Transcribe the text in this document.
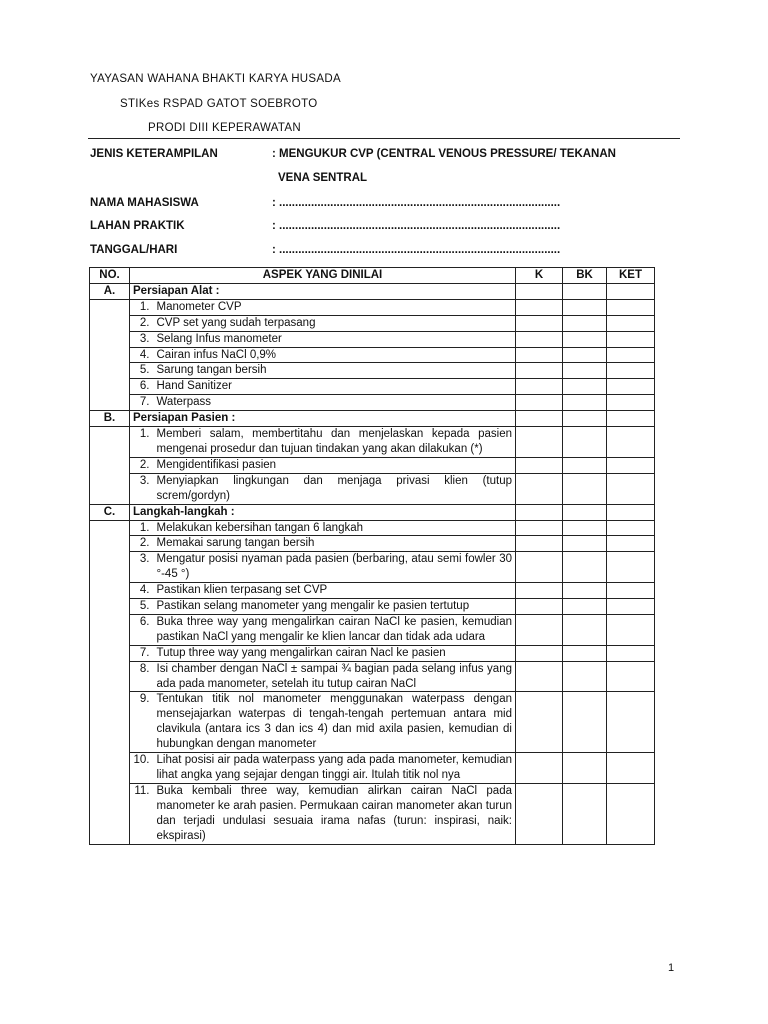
YAYASAN WAHANA BHAKTI KARYA HUSADA
STIKes RSPAD GATOT SOEBROTO
PRODI DIII KEPERAWATAN
JENIS KETERAMPILAN	: MENGUKUR CVP (CENTRAL VENOUS PRESSURE/ TEKANAN
VENA SENTRAL
NAMA MAHASISWA	: ........................................................................................
LAHAN PRAKTIK	: ........................................................................................
TANGGAL/HARI	: ........................................................................................
NO.	ASPEK YANG DINILAI		K	BK	KET
A.	Persiapan Alat :				
	1.	Manometer CVP			
	2.	CVP set yang sudah terpasang			
	3.	Selang Infus manometer			
	4.	Cairan infus NaCl 0,9%			
	5.	Sarung tangan bersih			
	6.	Hand Sanitizer			
	7.	Waterpass			
B.	Persiapan Pasien :				
	1.	Memberi salam, membertitahu dan menjelaskan kepada pasien mengenai prosedur dan tujuan tindakan yang akan dilakukan (*)			
	2.	Mengidentifikasi pasien			
	3.	Menyiapkan lingkungan dan menjaga privasi klien (tutup screm/gordyn)			
C.	Langkah-langkah :				
	1.	Melakukan kebersihan tangan 6 langkah			
	2.	Memakai sarung tangan bersih			
	3.	Mengatur posisi nyaman pada pasien (berbaring, atau semi fowler 30 °-45 °)			
	4.	Pastikan klien terpasang set CVP			
	5.	Pastikan selang manometer yang mengalir ke pasien tertutup			
	6.	Buka three way yang mengalirkan cairan NaCl ke pasien, kemudian pastikan NaCl yang mengalir ke klien lancar dan tidak ada udara			
	7.	Tutup three way yang mengalirkan cairan Nacl ke pasien			
	8.	Isi chamber dengan NaCl ± sampai ¾ bagian pada selang infus yang ada pada manometer, setelah itu tutup cairan NaCl			
	9.	Tentukan titik nol manometer menggunakan waterpass dengan mensejajarkan waterpas di tengah-tengah pertemuan antara mid clavikula (antara ics 3 dan ics 4) dan mid axila pasien, kemudian di hubungkan dengan manometer			
	10.	Lihat posisi air pada waterpass yang ada pada manometer, kemudian lihat angka yang sejajar dengan tinggi air. Itulah titik nol nya			
	11.	Buka kembali three way, kemudian alirkan cairan NaCl pada manometer ke arah pasien. Permukaan cairan manometer akan turun dan terjadi undulasi sesuaia irama nafas (turun: inspirasi, naik: ekspirasi)			
1
